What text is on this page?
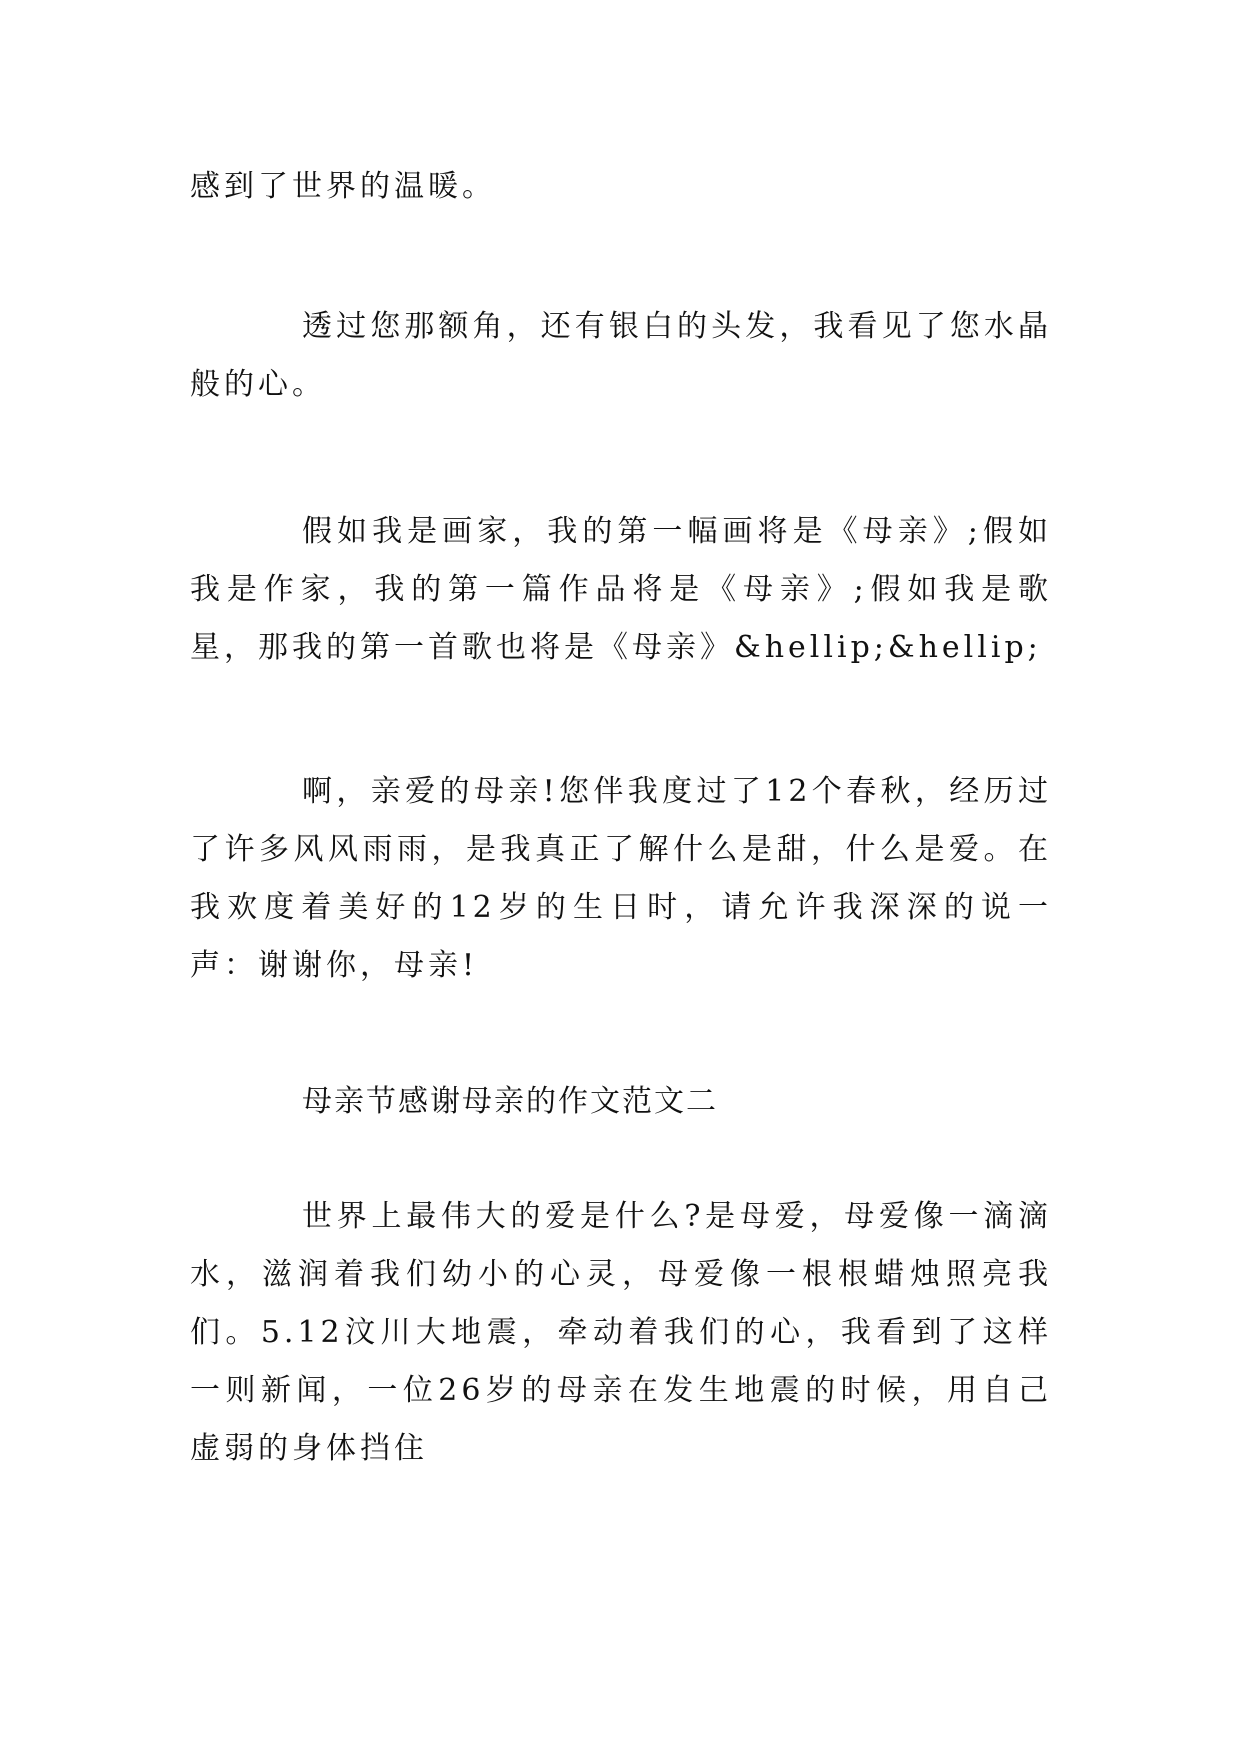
感到了世界的温暖。

透过您那额角，还有银白的头发，我看见了您水晶般的心。

假如我是画家，我的第一幅画将是《母亲》;假如我是作家，我的第一篇作品将是《母亲》;假如我是歌星，那我的第一首歌也将是《母亲》&hellip;&hellip;

啊，亲爱的母亲!您伴我度过了12个春秋，经历过了许多风风雨雨，是我真正了解什么是甜，什么是爱。在我欢度着美好的12岁的生日时，请允许我深深的说一声：谢谢你，母亲!

母亲节感谢母亲的作文范文二

世界上最伟大的爱是什么?是母爱，母爱像一滴滴水，滋润着我们幼小的心灵，母爱像一根根蜡烛照亮我们。5.12汶川大地震，牵动着我们的心，我看到了这样一则新闻，一位26岁的母亲在发生地震的时候，用自己虚弱的身体挡住
